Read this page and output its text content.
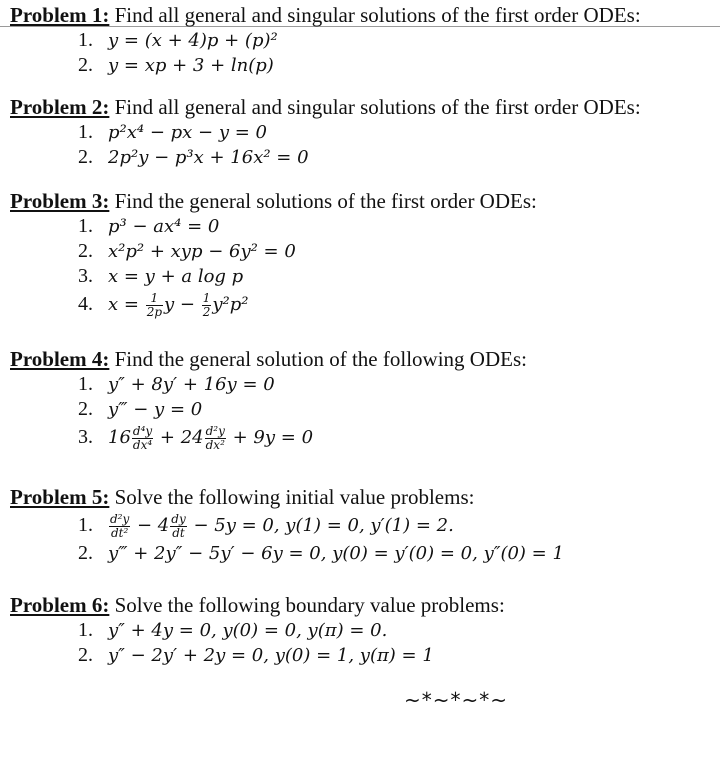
Problem 1: Find all general and singular solutions of the first order ODEs:
1. y = (x + 4)p + (p)²
2. y = xp + 3 + ln(p)
Problem 2: Find all general and singular solutions of the first order ODEs:
1. p²x⁴ − px − y = 0
2. 2p²y − p³x + 16x² = 0
Problem 3: Find the general solutions of the first order ODEs:
1. p³ − ax⁴ = 0
2. x²p² + xyp − 6y² = 0
3. x = y + a log p
4. $x = \frac{1}{2p}$ $y - \frac{1}{2} y^2p^2$
Problem 4: Find the general solution of the following ODEs:
1. y″ + 8y′ + 16y = 0
2. y‴ − y = 0
3. $16 \frac{\text{d⁴y}}{\text{dx⁴}} + 24 \frac{\text{d²y}}{\text{dx²}} + 9y = 0$
Problem 5: Solve the following initial value problems:
1. $\frac{\text{d²y}}{\text{dt²}} - 4 \frac{dy}{dt} - 5y = 0$, y(1) = 0, y′(1) = 2.
2. y‴ + 2y″ − 5y′ − 6y = 0, y(0) = y′(0) = 0, y″(0) = 1
Problem 6: Solve the following boundary value problems:
1. y″ + 4y = 0, y(0) = 0, y(π) = 0.
2. y″ − 2y′ + 2y = 0, y(0) = 1, y(π) = 1
~*~*~*~
